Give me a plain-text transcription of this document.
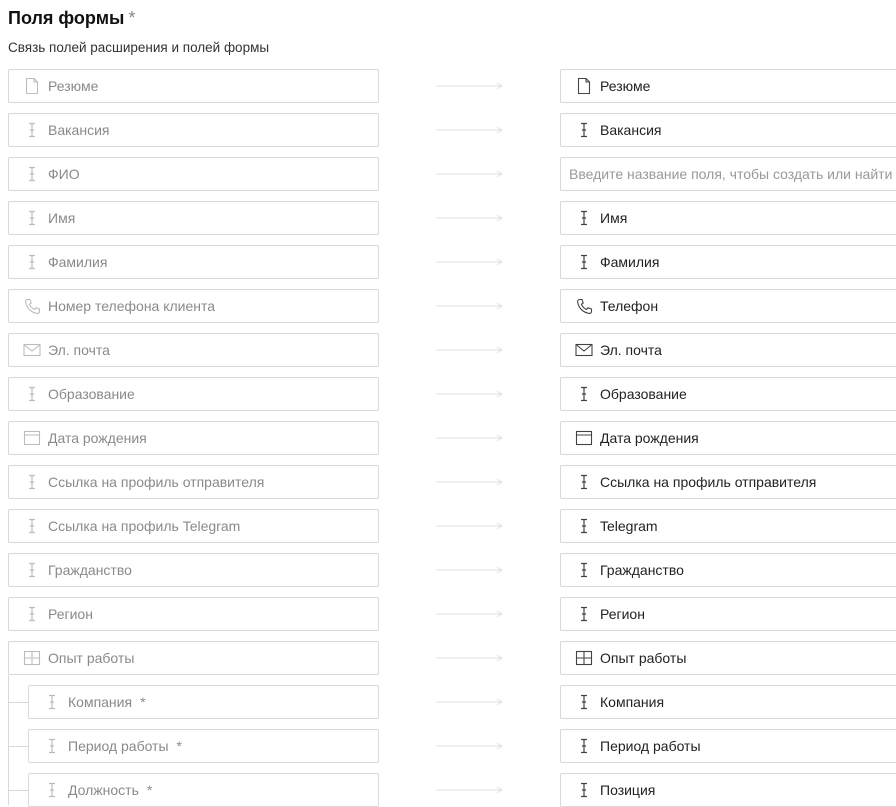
Поля формы *
Связь полей расширения и полей формы
Резюме	Резюме
Вакансия	Вакансия
ФИО	Введите название поля, чтобы создать или найти
Имя	Имя
Фамилия	Фамилия
Номер телефона клиента	Телефон
Эл. почта	Эл. почта
Образование	Образование
Дата рождения	Дата рождения
Ссылка на профиль отправителя	Ссылка на профиль отправителя
Ссылка на профиль Telegram	Telegram
Гражданство	Гражданство
Регион	Регион
Опыт работы	Опыт работы
Компания *	Компания
Период работы *	Период работы
Должность *	Позиция
